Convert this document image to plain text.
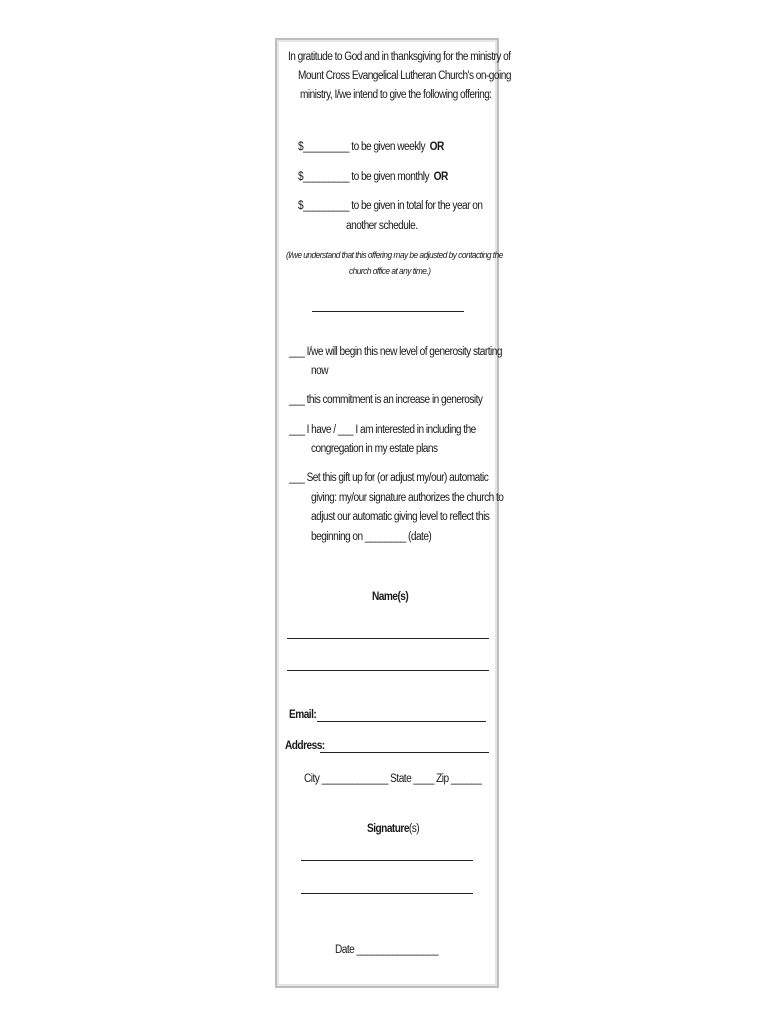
In gratitude to God and in thanksgiving for the ministry of
Mount Cross Evangelical Lutheran Church's on-going
ministry, I/we intend to give the following offering:
$_________ to be given weekly OR
$_________ to be given monthly OR
$_________ to be given in total for the year on
another schedule.
(I/we understand that this offering may be adjusted by contacting the
church office at any time.)
___ I/we will begin this new level of generosity starting
now
___ this commitment is an increase in generosity
___ I have / ___ I am interested in including the
congregation in my estate plans
___ Set this gift up for (or adjust my/our) automatic
giving: my/our signature authorizes the church to
adjust our automatic giving level to reflect this
beginning on ________ (date)
Name(s)
Email:
Address:
City _____________ State ____ Zip ______
Signature(s)
Date ________________
